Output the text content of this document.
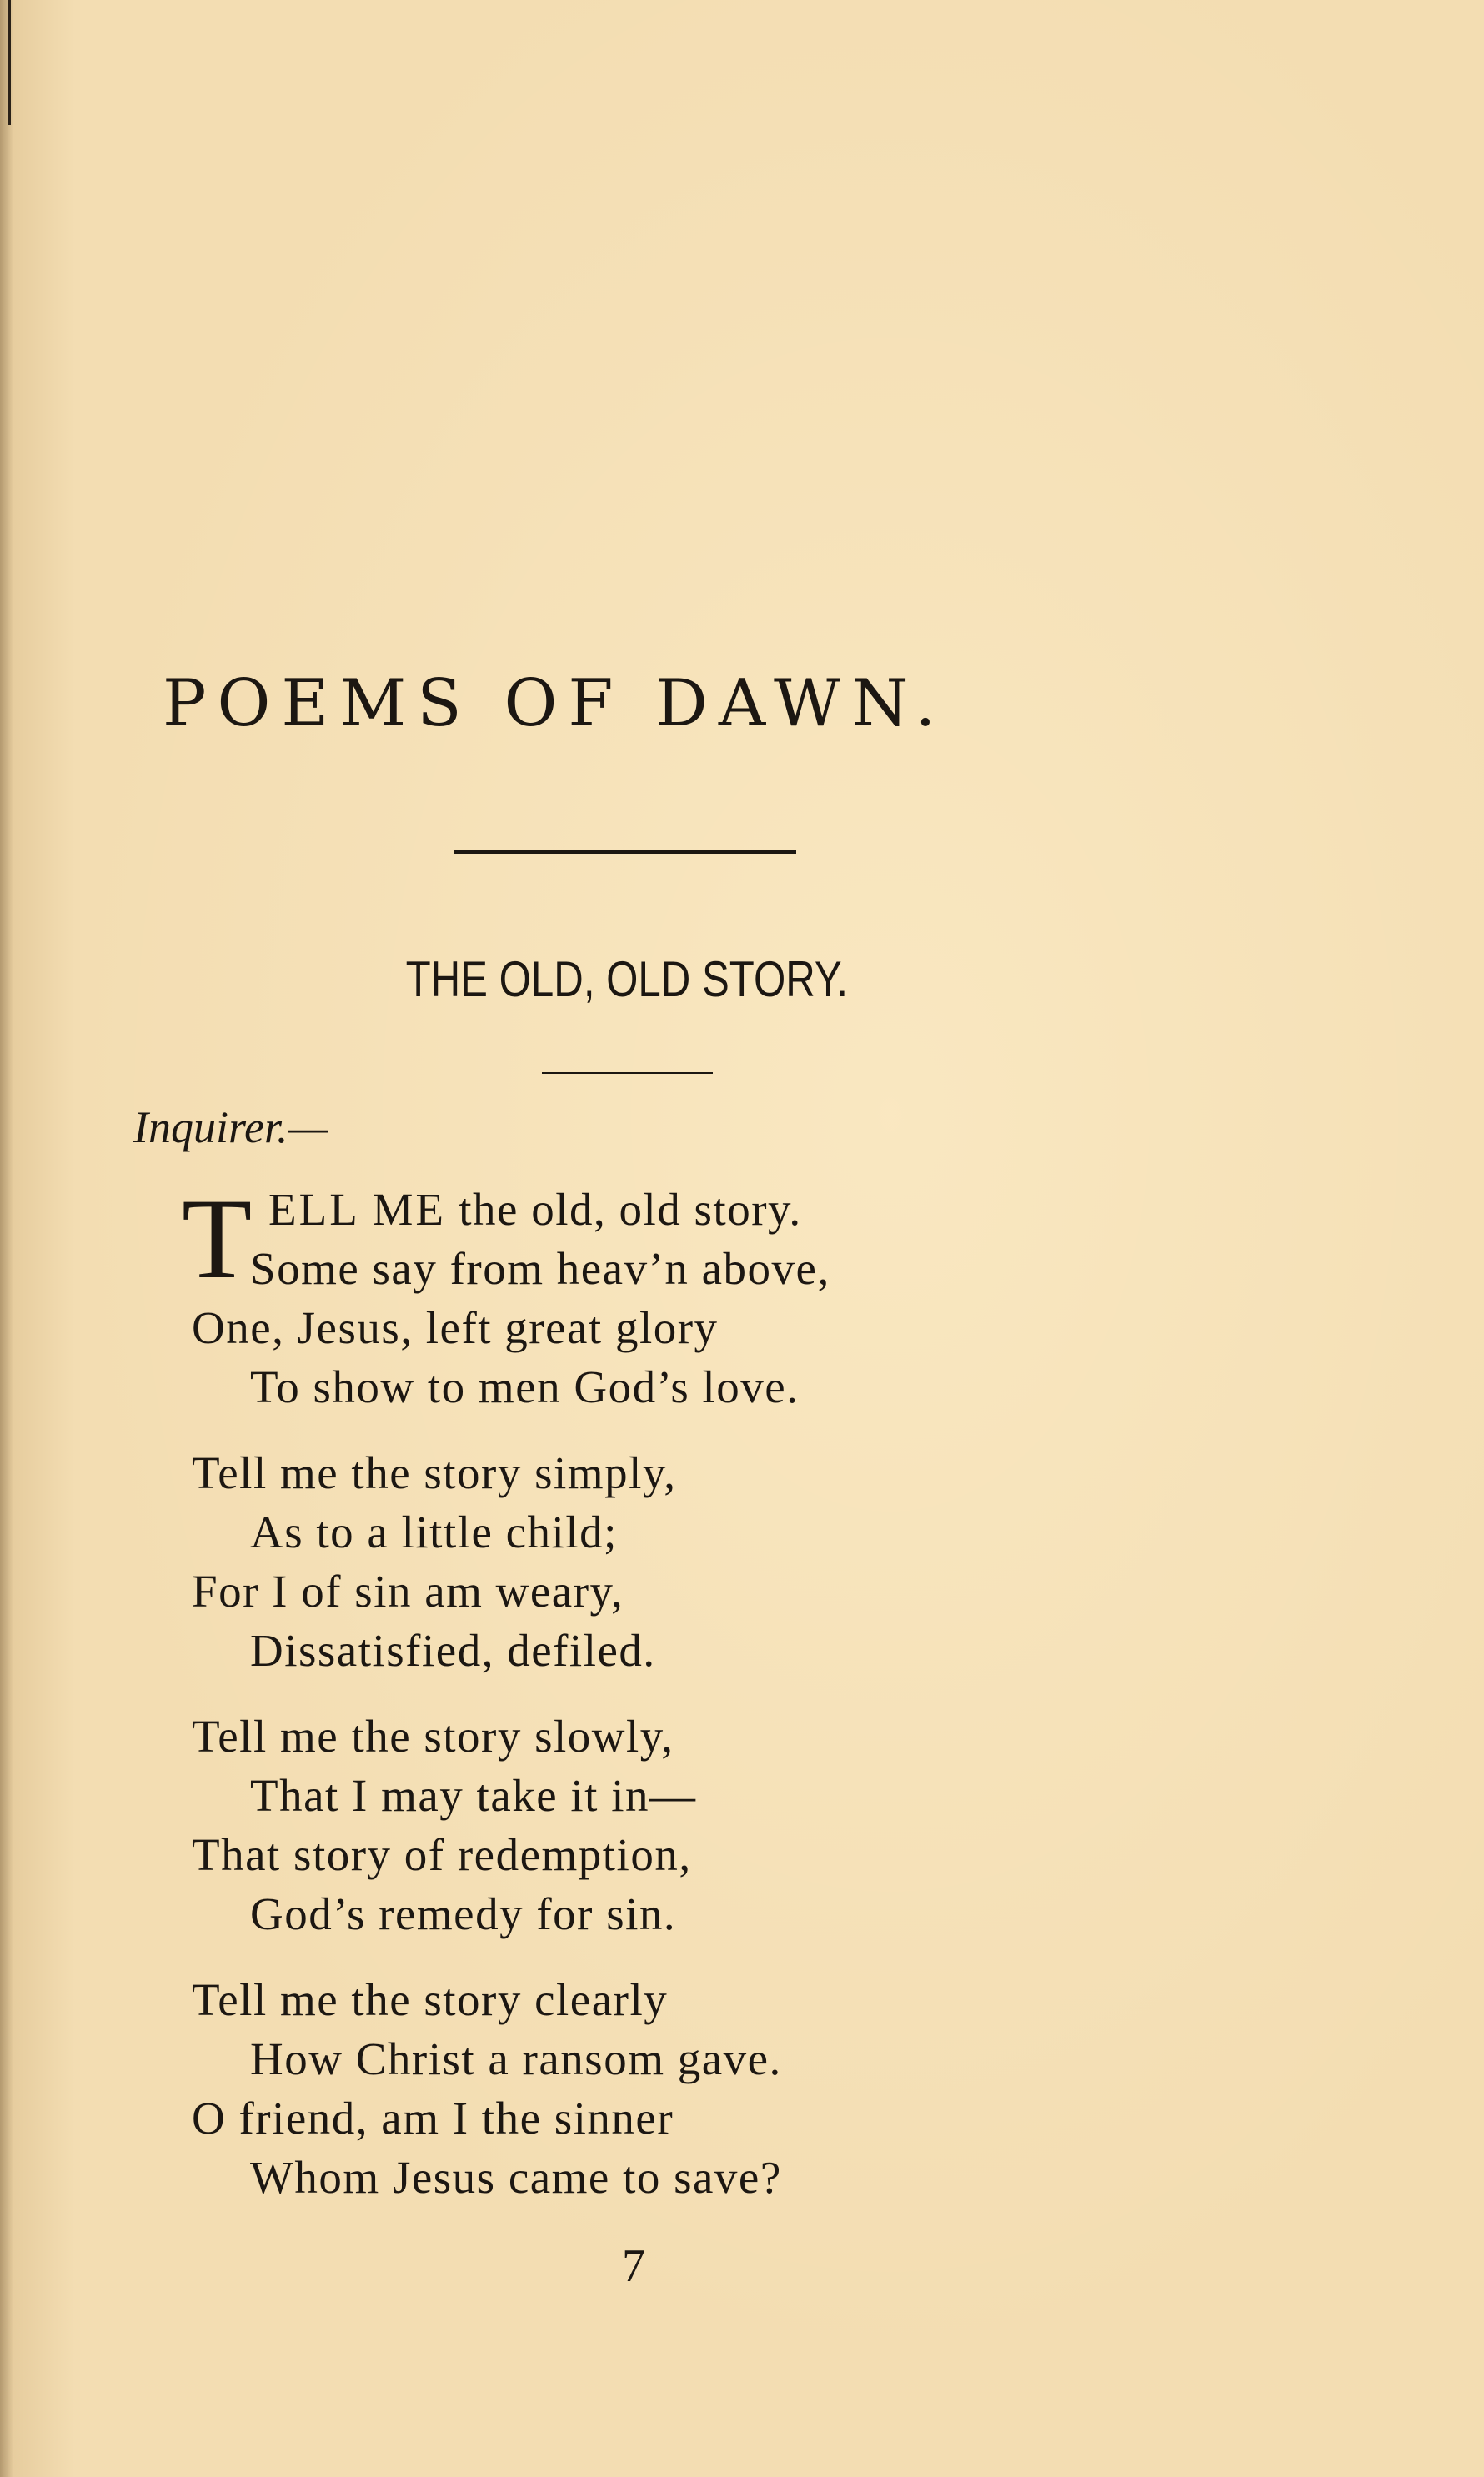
POEMS OF DAWN.
THE OLD, OLD STORY.
Inquirer.—
T ELL ME the old, old story.
Some say from heav’n above,
One, Jesus, left great glory
To show to men God’s love.
Tell me the story simply,
As to a little child;
For I of sin am weary,
Dissatisfied, defiled.
Tell me the story slowly,
That I may take it in—
That story of redemption,
God’s remedy for sin.
Tell me the story clearly
How Christ a ransom gave.
O friend, am I the sinner
Whom Jesus came to save?
7
